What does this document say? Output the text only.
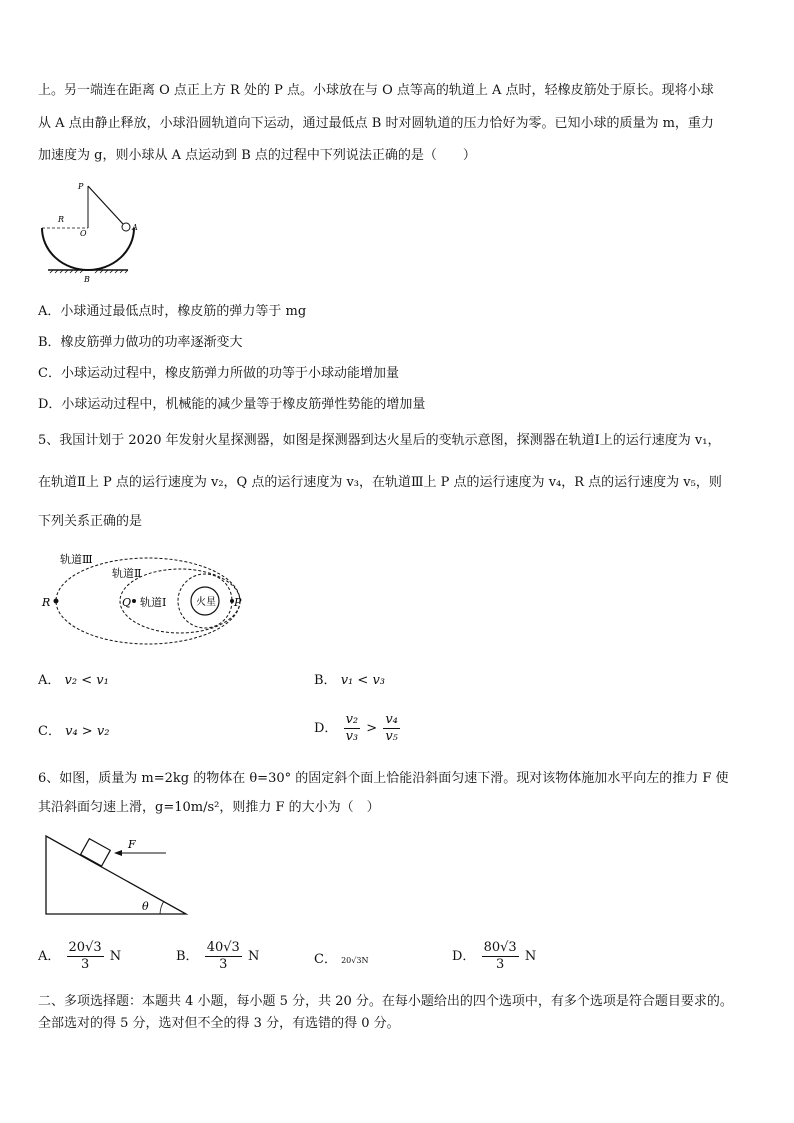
上。另一端连在距离 O 点正上方 R 处的 P 点。小球放在与 O 点等高的轨道上 A 点时，轻橡皮筋处于原长。现将小球
从 A 点由静止释放，小球沿圆轨道向下运动，通过最低点 B 时对圆轨道的压力恰好为零。已知小球的质量为 m，重力
加速度为 g，则小球从 A 点运动到 B 点的过程中下列说法正确的是（　　）
P
R
O
A
B
A．小球通过最低点时，橡皮筋的弹力等于 mg
B．橡皮筋弹力做功的功率逐渐变大
C．小球运动过程中，橡皮筋弹力所做的功等于小球动能增加量
D．小球运动过程中，机械能的减少量等于橡皮筋弹性势能的增加量
5、我国计划于 2020 年发射火星探测器，如图是探测器到达火星后的变轨示意图，探测器在轨道Ⅰ上的运行速度为 v₁，
在轨道Ⅱ上 P 点的运行速度为 v₂，Q 点的运行速度为 v₃，在轨道Ⅲ上 P 点的运行速度为 v₄，R 点的运行速度为 v₅，则
下列关系正确的是
轨道Ⅲ
轨道Ⅱ
轨道Ⅰ	火星
R	Q	P
A． v₂ < v₁	B． v₁ < v₃
C． v₄ > v₂	D． $\frac{\text{v₂}}{\text{v₃}} > \frac{\text{v₄}}{\text{v₅}}$
6、如图，质量为 m=2kg 的物体在 θ=30° 的固定斜个面上恰能沿斜面匀速下滑。现对该物体施加水平向左的推力 F 使
其沿斜面匀速上滑，g=10m/s²，则推力 F 的大小为（　）
F
θ
A． $\frac{20√3}{3}$ N	B． $\frac{40√3}{3}$ N	C． 20√3N	D． $\frac{80√3}{3}$ N
二、多项选择题：本题共 4 小题，每小题 5 分，共 20 分。在每小题给出的四个选项中，有多个选项是符合题目要求的。
全部选对的得 5 分，选对但不全的得 3 分，有选错的得 0 分。
